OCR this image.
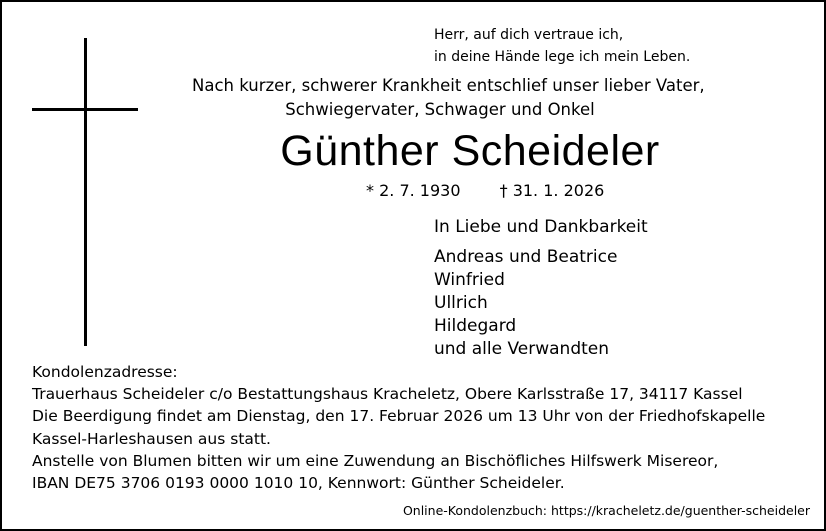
Herr, auf dich vertraue ich,
in deine Hände lege ich mein Leben.
Nach kurzer, schwerer Krankheit entschlief unser lieber Vater,
Schwiegervater, Schwager und Onkel
Günther Scheideler
* 2. 7. 1930 † 31. 1. 2026
In Liebe und Dankbarkeit
Andreas und Beatrice
Winfried
Ullrich
Hildegard
und alle Verwandten
Kondolenzadresse:
Trauerhaus Scheideler c/o Bestattungshaus Kracheletz, Obere Karlsstraße 17, 34117 Kassel
Die Beerdigung findet am Dienstag, den 17. Februar 2026 um 13 Uhr von der Friedhofskapelle
Kassel-Harleshausen aus statt.
Anstelle von Blumen bitten wir um eine Zuwendung an Bischöfliches Hilfswerk Misereor,
IBAN DE75 3706 0193 0000 1010 10, Kennwort: Günther Scheideler.
Online-Kondolenzbuch: https://kracheletz.de/guenther-scheideler
